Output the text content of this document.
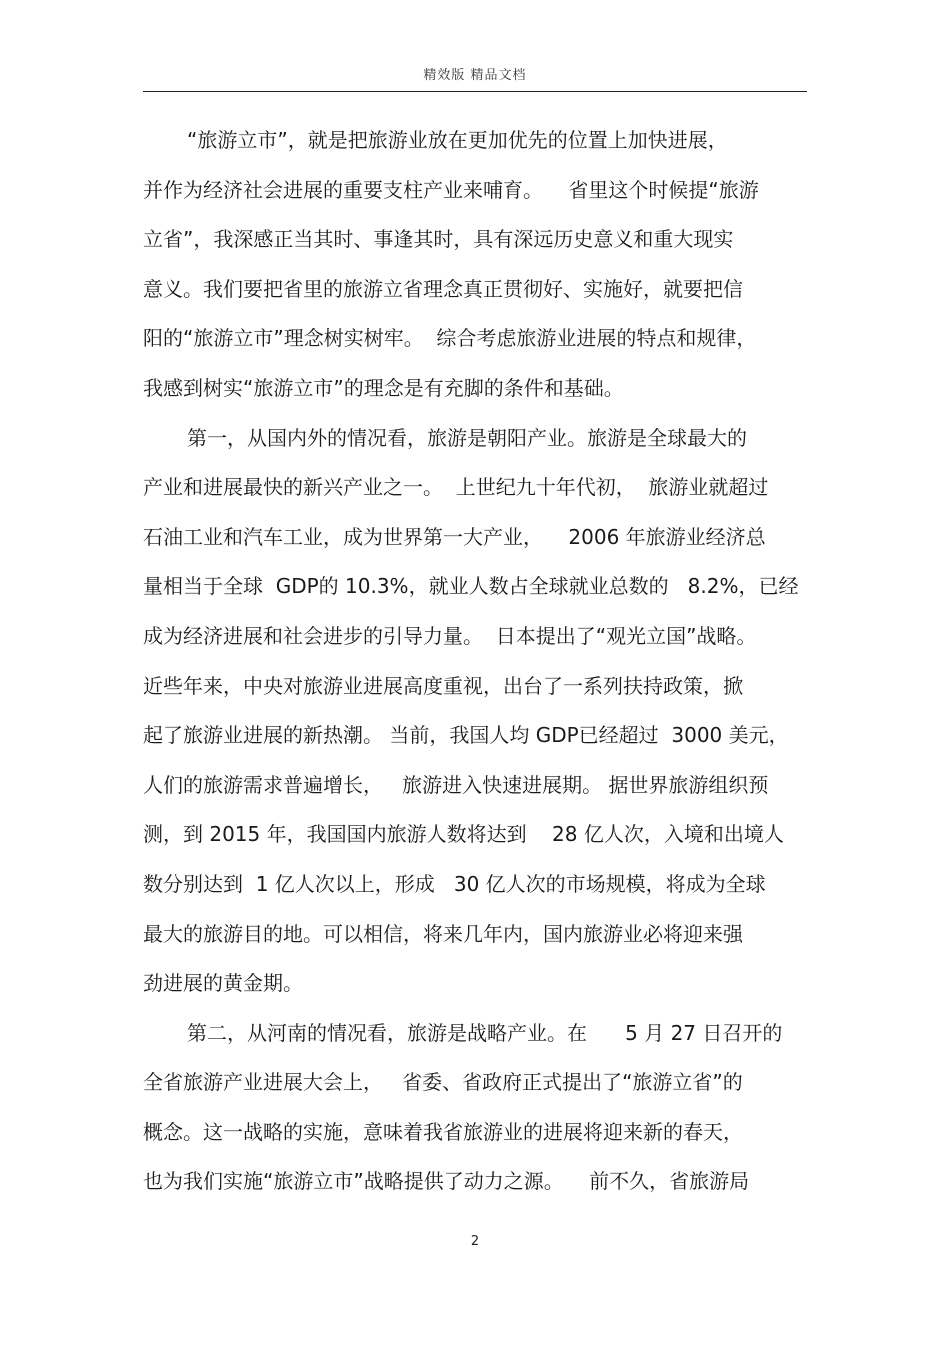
精效版 精品文档
“旅游立市”，就是把旅游业放在更加优先的位置上加快进展，
并作为经济社会进展的重要支柱产业来哺育。    省里这个时候提“旅游
立省”，我深感正当其时、事逢其时，具有深远历史意义和重大现实
意义。我们要把省里的旅游立省理念真正贯彻好、实施好，就要把信
阳的“旅游立市”理念树实树牢。  综合考虑旅游业进展的特点和规律，
我感到树实“旅游立市”的理念是有充脚的条件和基础。
第一，从国内外的情况看，旅游是朝阳产业。旅游是全球最大的
产业和进展最快的新兴产业之一。  上世纪九十年代初，  旅游业就超过
石油工业和汽车工业，成为世界第一大产业，    2006 年旅游业经济总
量相当于全球  GDP的 10.3%，就业人数占全球就业总数的   8.2%，已经
成为经济进展和社会进步的引导力量。  日本提出了“观光立国”战略。
近些年来，中央对旅游业进展高度重视，出台了一系列扶持政策，掀
起了旅游业进展的新热潮。 当前，我国人均 GDP已经超过  3000 美元，
人们的旅游需求普遍增长，   旅游进入快速进展期。 据世界旅游组织预
测，到 2015 年，我国国内旅游人数将达到    28 亿人次，入境和出境人
数分别达到  1 亿人次以上，形成   30 亿人次的市场规模，将成为全球
最大的旅游目的地。可以相信，将来几年内，国内旅游业必将迎来强
劲进展的黄金期。
第二，从河南的情况看，旅游是战略产业。在      5 月 27 日召开的
全省旅游产业进展大会上，   省委、省政府正式提出了“旅游立省”的
概念。这一战略的实施，意味着我省旅游业的进展将迎来新的春天，
也为我们实施“旅游立市”战略提供了动力之源。    前不久，省旅游局
2
